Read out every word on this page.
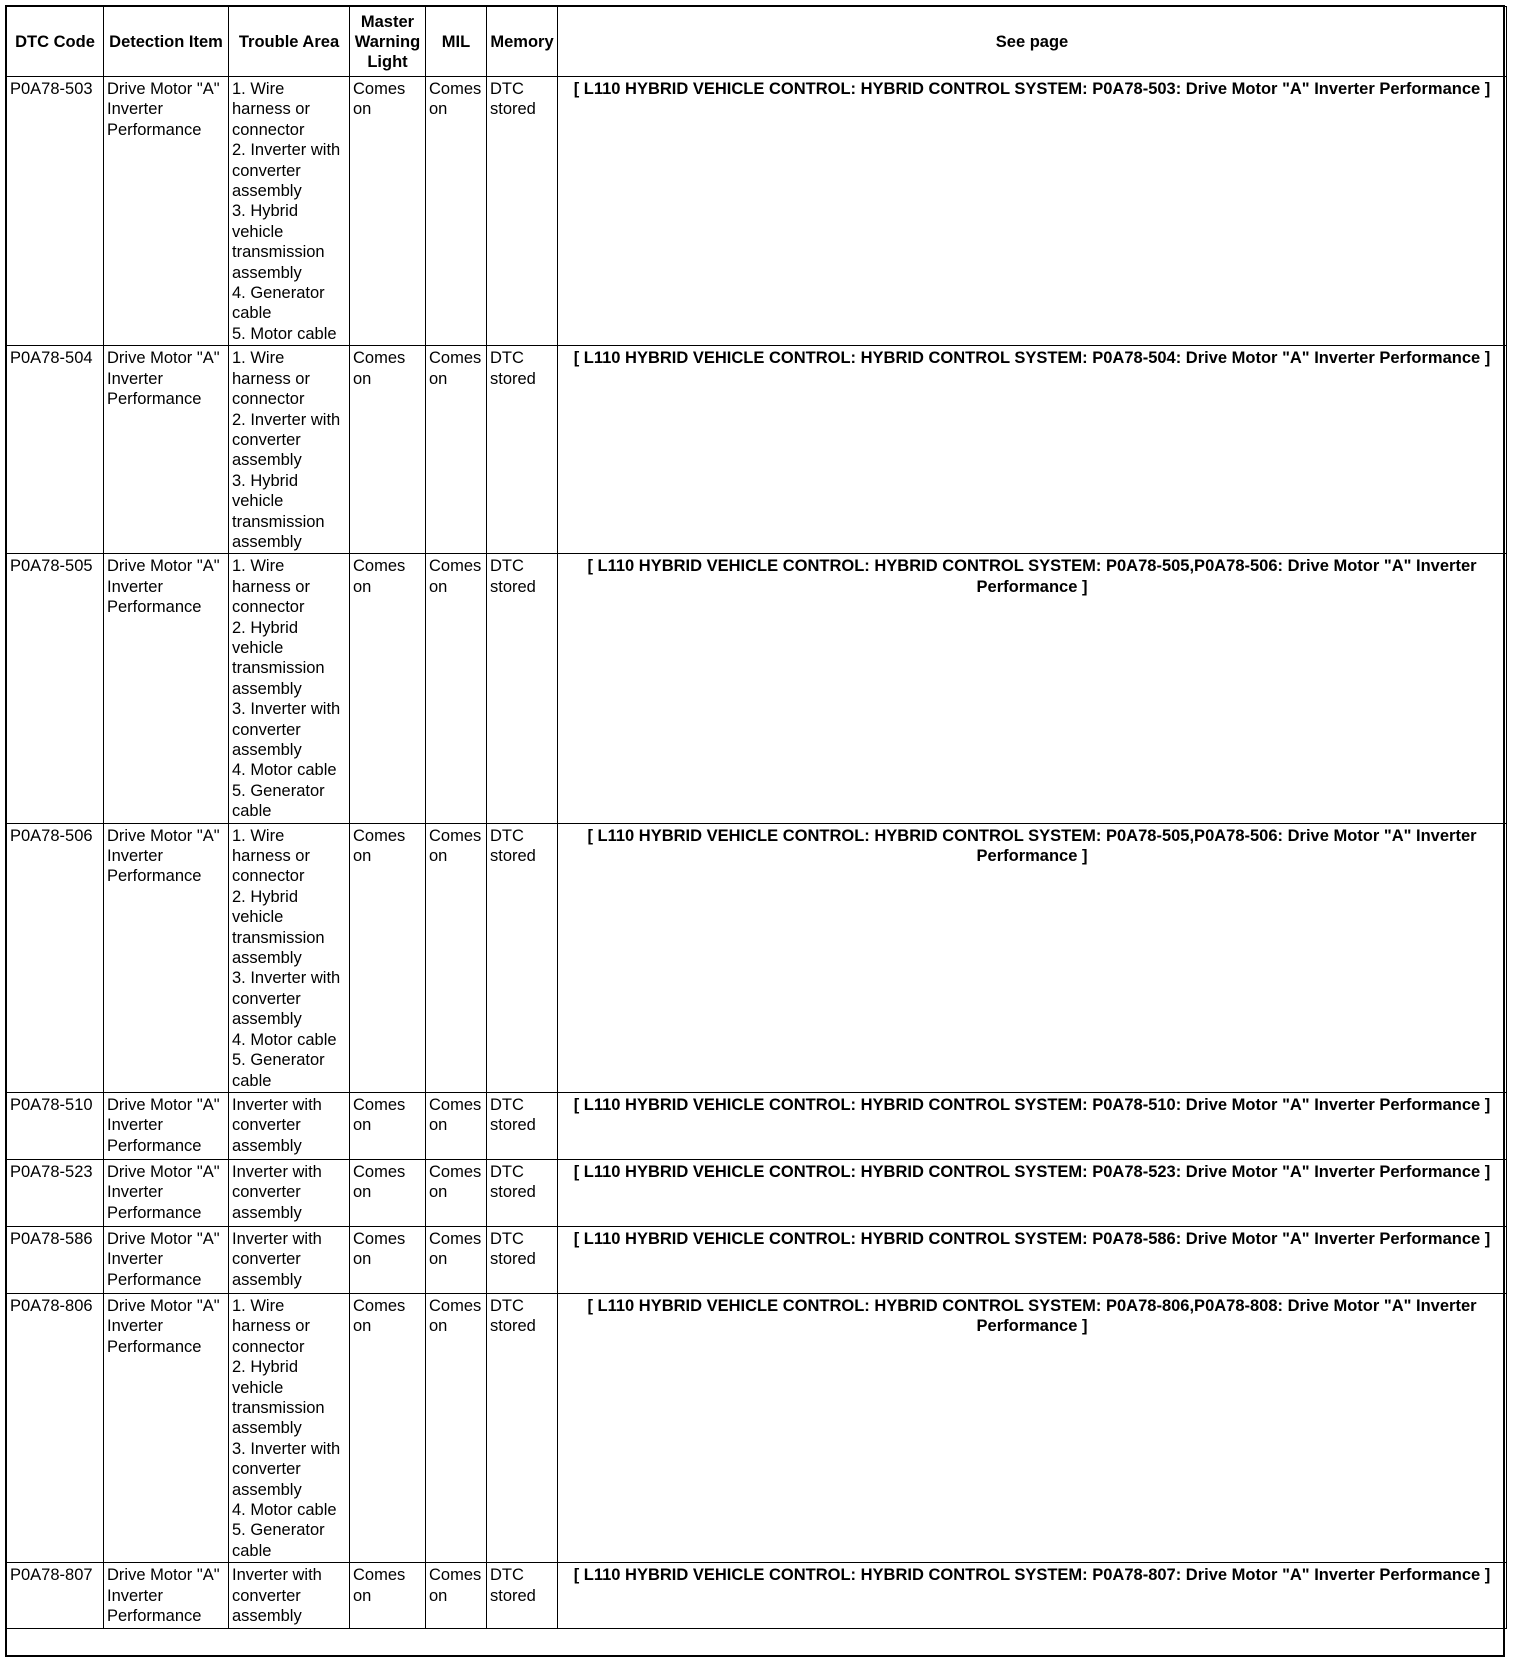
DTC Code	Detection Item	Trouble Area	Master Warning Light	MIL	Memory	See page
P0A78-503	Drive Motor "A" Inverter Performance	1. Wire harness or connector
2. Inverter with converter assembly
3. Hybrid vehicle transmission assembly
4. Generator cable
5. Motor cable	Comes on	Comes on	DTC stored	[ L110 HYBRID VEHICLE CONTROL: HYBRID CONTROL SYSTEM: P0A78-503: Drive Motor "A" Inverter Performance ]
P0A78-504	Drive Motor "A" Inverter Performance	1. Wire harness or connector
2. Inverter with converter assembly
3. Hybrid vehicle transmission assembly	Comes on	Comes on	DTC stored	[ L110 HYBRID VEHICLE CONTROL: HYBRID CONTROL SYSTEM: P0A78-504: Drive Motor "A" Inverter Performance ]
P0A78-505	Drive Motor "A" Inverter Performance	1. Wire harness or connector
2. Hybrid vehicle transmission assembly
3. Inverter with converter assembly
4. Motor cable
5. Generator cable	Comes on	Comes on	DTC stored	[ L110 HYBRID VEHICLE CONTROL: HYBRID CONTROL SYSTEM: P0A78-505,P0A78-506: Drive Motor "A" Inverter Performance ]
P0A78-506	Drive Motor "A" Inverter Performance	1. Wire harness or connector
2. Hybrid vehicle transmission assembly
3. Inverter with converter assembly
4. Motor cable
5. Generator cable	Comes on	Comes on	DTC stored	[ L110 HYBRID VEHICLE CONTROL: HYBRID CONTROL SYSTEM: P0A78-505,P0A78-506: Drive Motor "A" Inverter Performance ]
P0A78-510	Drive Motor "A" Inverter Performance	Inverter with converter assembly	Comes on	Comes on	DTC stored	[ L110 HYBRID VEHICLE CONTROL: HYBRID CONTROL SYSTEM: P0A78-510: Drive Motor "A" Inverter Performance ]
P0A78-523	Drive Motor "A" Inverter Performance	Inverter with converter assembly	Comes on	Comes on	DTC stored	[ L110 HYBRID VEHICLE CONTROL: HYBRID CONTROL SYSTEM: P0A78-523: Drive Motor "A" Inverter Performance ]
P0A78-586	Drive Motor "A" Inverter Performance	Inverter with converter assembly	Comes on	Comes on	DTC stored	[ L110 HYBRID VEHICLE CONTROL: HYBRID CONTROL SYSTEM: P0A78-586: Drive Motor "A" Inverter Performance ]
P0A78-806	Drive Motor "A" Inverter Performance	1. Wire harness or connector
2. Hybrid vehicle transmission assembly
3. Inverter with converter assembly
4. Motor cable
5. Generator cable	Comes on	Comes on	DTC stored	[ L110 HYBRID VEHICLE CONTROL: HYBRID CONTROL SYSTEM: P0A78-806,P0A78-808: Drive Motor "A" Inverter Performance ]
P0A78-807	Drive Motor "A" Inverter Performance	Inverter with converter assembly	Comes on	Comes on	DTC stored	[ L110 HYBRID VEHICLE CONTROL: HYBRID CONTROL SYSTEM: P0A78-807: Drive Motor "A" Inverter Performance ]
